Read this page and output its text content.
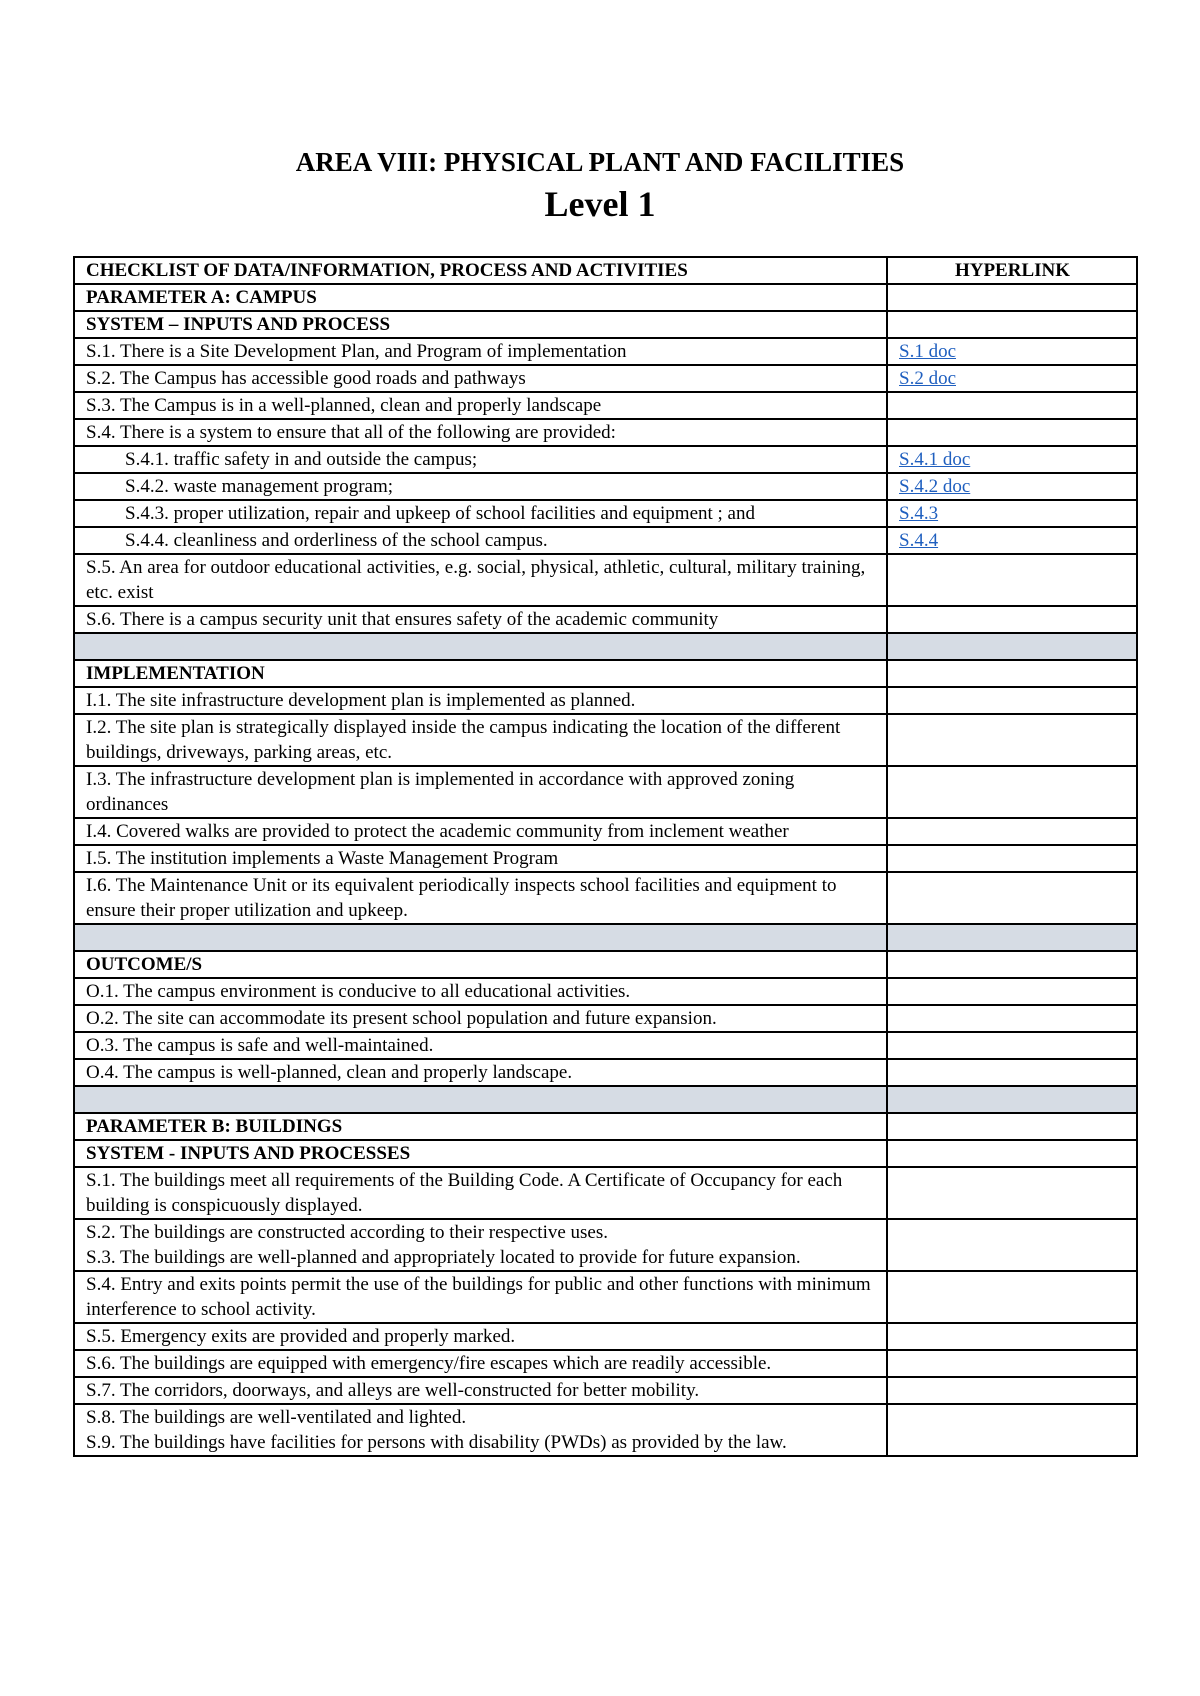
AREA VIII: PHYSICAL PLANT AND FACILITIES
Level 1
CHECKLIST OF DATA/INFORMATION, PROCESS AND ACTIVITIES	HYPERLINK
PARAMETER A: CAMPUS	
SYSTEM – INPUTS AND PROCESS	
S.1. There is a Site Development Plan, and Program of implementation	S.1 doc
S.2. The Campus has accessible good roads and pathways	S.2 doc
S.3. The Campus is in a well-planned, clean and properly landscape	
S.4. There is a system to ensure that all of the following are provided:	
S.4.1. traffic safety in and outside the campus;	S.4.1 doc
S.4.2. waste management program;	S.4.2 doc
S.4.3. proper utilization, repair and upkeep of school facilities and equipment ; and	S.4.3
S.4.4. cleanliness and orderliness of the school campus.	S.4.4
S.5. An area for outdoor educational activities, e.g. social, physical, athletic, cultural, military training, etc. exist	
S.6. There is a campus security unit that ensures safety of the academic community	

IMPLEMENTATION	
I.1. The site infrastructure development plan is implemented as planned.	
I.2. The site plan is strategically displayed inside the campus indicating the location of the different buildings, driveways, parking areas, etc.	
I.3. The infrastructure development plan is implemented in accordance with approved zoning ordinances	
I.4. Covered walks are provided to protect the academic community from inclement weather	
I.5. The institution implements a Waste Management Program	
I.6. The Maintenance Unit or its equivalent periodically inspects school facilities and equipment to ensure their proper utilization and upkeep.	

OUTCOME/S	
O.1. The campus environment is conducive to all educational activities.	
O.2. The site can accommodate its present school population and future expansion.	
O.3. The campus is safe and well-maintained.	
O.4. The campus is well-planned, clean and properly landscape.	

PARAMETER B: BUILDINGS	
SYSTEM - INPUTS AND PROCESSES	
S.1. The buildings meet all requirements of the Building Code. A Certificate of Occupancy for each building is conspicuously displayed.	
S.2. The buildings are constructed according to their respective uses.	
S.3. The buildings are well-planned and appropriately located to provide for future expansion.	
S.4. Entry and exits points permit the use of the buildings for public and other functions with minimum interference to school activity.	
S.5. Emergency exits are provided and properly marked.	
S.6. The buildings are equipped with emergency/fire escapes which are readily accessible.	
S.7. The corridors, doorways, and alleys are well-constructed for better mobility.	
S.8. The buildings are well-ventilated and lighted.	
S.9. The buildings have facilities for persons with disability (PWDs) as provided by the law.	
